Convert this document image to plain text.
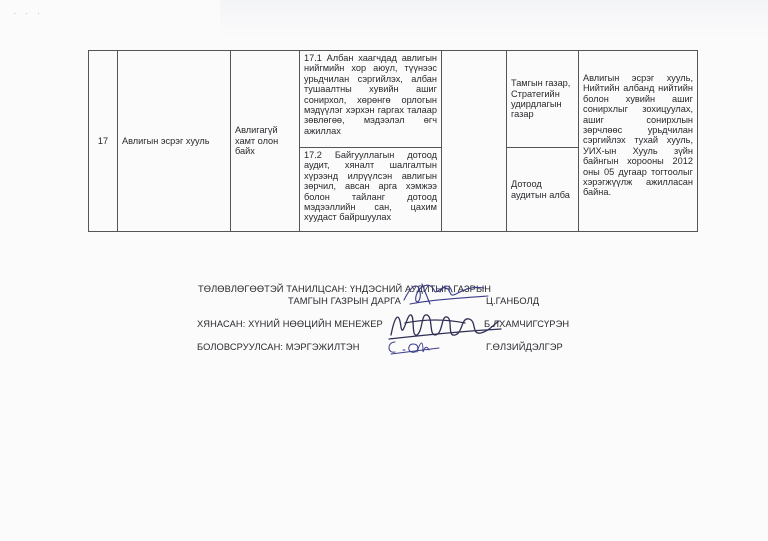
· · ·
17	Авлигын эсрэг хууль	Авлигагүй хамт олон байх	17.1 Албан хаагчдад авлигын нийгмийн хор аюул, түүнээс урьдчилан сэргийлэх, албан тушаалтны хувийн ашиг сонирхол, хөрөнгө орлогын мэдүүлэг хэрхэн гаргах талаар зөвлөгөө, мэдээлэл өгч ажиллах		Тамгын газар, Стратегийн удирдлагын газар	Авлигын эсрэг хууль, Нийтийн албанд нийтийн болон хувийн ашиг сонирхлыг зохицуулах, ашиг сонирхлын зөрчлөөс урьдчилан сэргийлэх тухай хууль, УИХ-ын Хууль зүйн байнгын хорооны 2012 оны 05 дугаар тогтоолыг хэрэгжүүлж ажилласан байна.
			17.2 Байгууллагын дотоод аудит, хяналт шалгалтын хүрээнд илрүүлсэн авлигын зөрчил, авсан арга хэмжээ болон тайланг дотоод мэдээллийн сан, цахим хуудаст байршуулах		Дотоод аудитын алба	
ТӨЛӨВЛӨГӨӨТЭЙ ТАНИЛЦСАН: ҮНДЭСНИЙ АУДИТЫН ГАЗРЫН
ТАМГЫН ГАЗРЫН ДАРГА	Ц.ГАНБОЛД
ХЯНАСАН: ХҮНИЙ НӨӨЦИЙН МЕНЕЖЕР	Б.ЛХАМЧИГСҮРЭН
БОЛОВСРУУЛСАН: МЭРГЭЖИЛТЭН	Г.ӨЛЗИЙДЭЛГЭР
